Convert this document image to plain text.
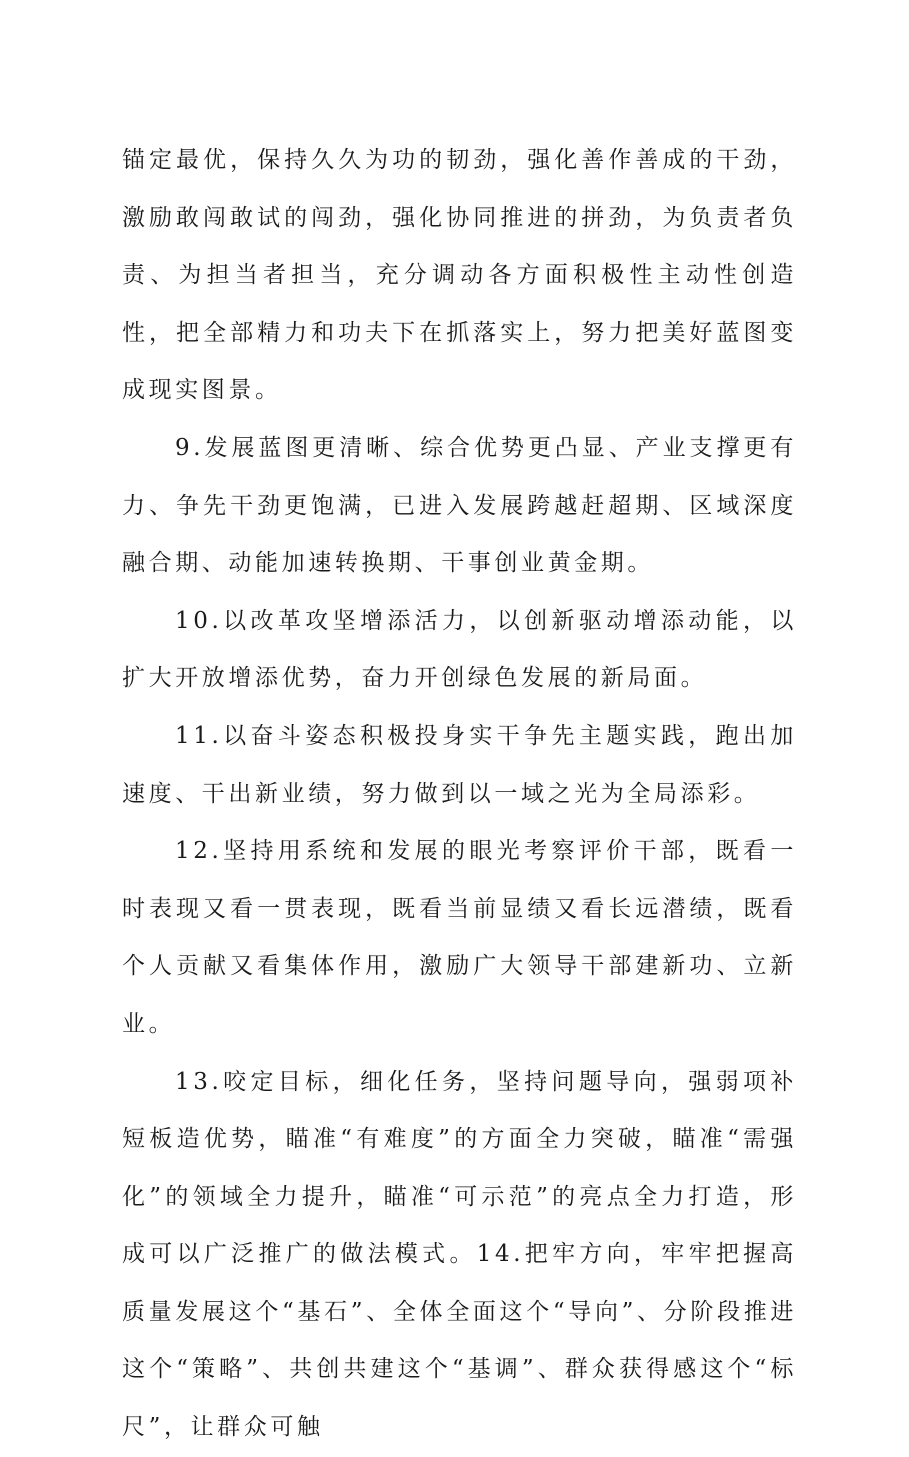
锚定最优，保持久久为功的韧劲，强化善作善成的干劲，激励敢闯敢试的闯劲，强化协同推进的拼劲，为负责者负责、为担当者担当，充分调动各方面积极性主动性创造性，把全部精力和功夫下在抓落实上，努力把美好蓝图变成现实图景。

9.发展蓝图更清晰、综合优势更凸显、产业支撑更有力、争先干劲更饱满，已进入发展跨越赶超期、区域深度融合期、动能加速转换期、干事创业黄金期。

10.以改革攻坚增添活力，以创新驱动增添动能，以扩大开放增添优势，奋力开创绿色发展的新局面。

11.以奋斗姿态积极投身实干争先主题实践，跑出加速度、干出新业绩，努力做到以一域之光为全局添彩。

12.坚持用系统和发展的眼光考察评价干部，既看一时表现又看一贯表现，既看当前显绩又看长远潜绩，既看个人贡献又看集体作用，激励广大领导干部建新功、立新业。

13.咬定目标，细化任务，坚持问题导向，强弱项补短板造优势，瞄准“有难度”的方面全力突破，瞄准“需强化”的领域全力提升，瞄准“可示范”的亮点全力打造，形成可以广泛推广的做法模式。14.把牢方向，牢牢把握高质量发展这个“基石”、全体全面这个“导向”、分阶段推进这个“策略”、共创共建这个“基调”、群众获得感这个“标尺”，让群众可触
